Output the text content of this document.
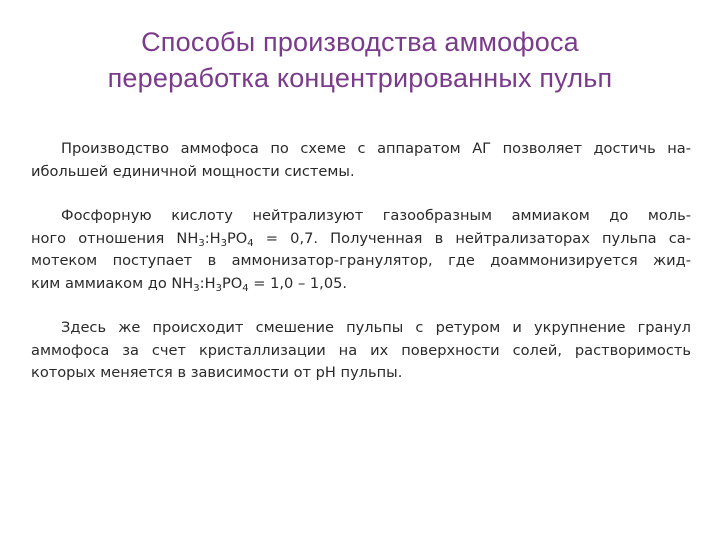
Способы производства аммофоса
переработка концентрированных пульп

Производство аммофоса по схеме с аппаратом АГ позволяет достичь на-
ибольшей единичной мощности системы.

Фосфорную кислоту нейтрализуют газообразным аммиаком до моль-
ного отношения $NH_3:H_3PO_4 = 0,7$. Полученная в нейтрализаторах пульпа са-
мотеком поступает в аммонизатор-гранулятор, где доаммонизируется жид-
ким аммиаком до $NH_3:H_3PO_4 = 1,0 - 1,05$.

Здесь же происходит смешение пульпы с ретуром и укрупнение гранул
аммофоса за счет кристаллизации на их поверхности солей, растворимость
которых меняется в зависимости от рН пульпы.
